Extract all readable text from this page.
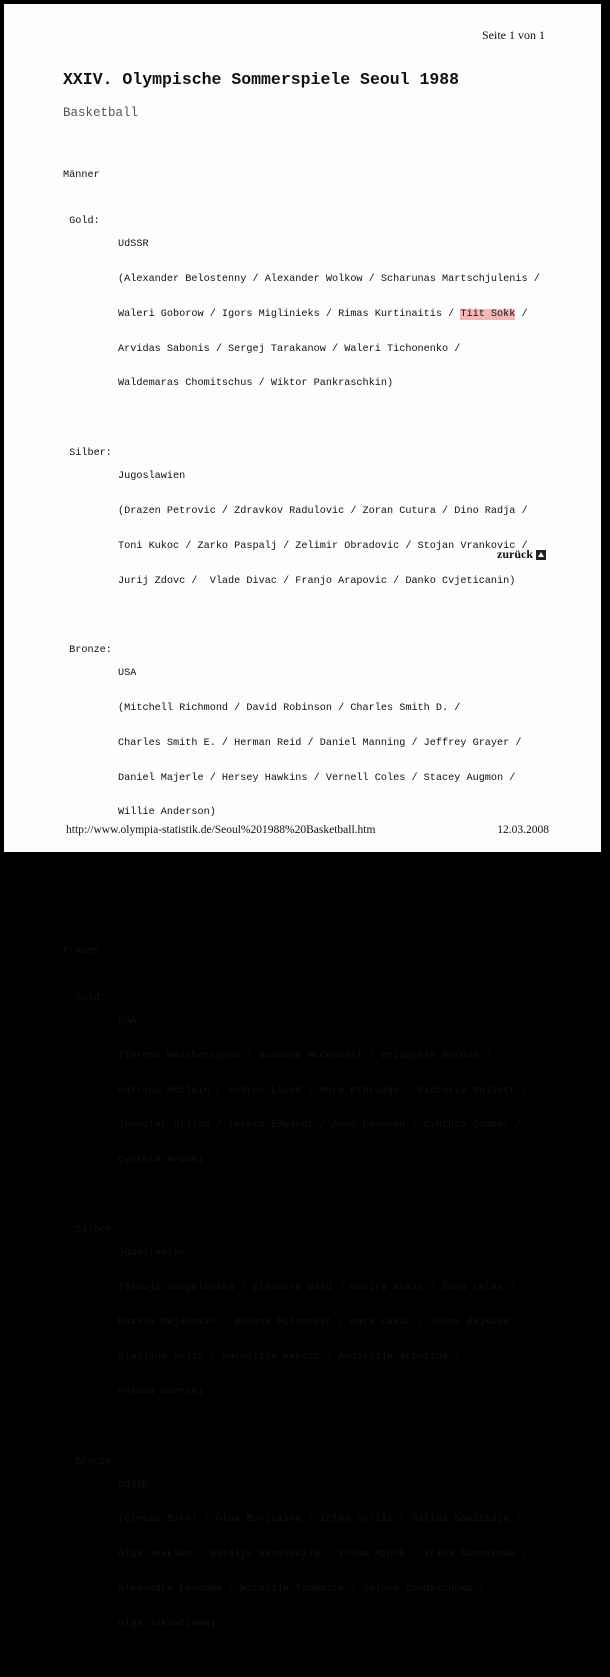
Seite 1 von 1
XXIV. Olympische Sommerspiele Seoul 1988
Basketball

Männer

Gold:

UdSSR

(Alexander Belostenny / Alexander Wolkow / Scharunas Martschjulenis /

Waleri Goborow / Igors Miglinieks / Rimas Kurtinaitis / Tiit Sokk /

Arvidas Sabonis / Sergej Tarakanow / Waleri Tichonenko /

Waldemaras Chomitschus / Wiktor Pankraschkin)

Silber:

Jugoslawien

(Drazen Petrovic / Zdravkov Radulovic / Zoran Cutura / Dino Radja /

Toni Kukoc / Zarko Paspalj / Zelimir Obradovic / Stojan Vrankovic /

Jurij Zdovc /  Vlade Divac / Franjo Arapovic / Danko Cvjeticanin)

Bronze:

USA

(Mitchell Richmond / David Robinson / Charles Smith D. /

Charles Smith E. / Herman Reid / Daniel Manning / Jeffrey Grayer /

Daniel Majerle / Hersey Hawkins / Vernell Coles / Stacey Augmon /

Willie Anderson)

Frauen

Gold:

USA

(Teresa Weatherspoon / Suzanne McConnell / Bridgette Gordon /

Katrina McClain / Andrea Lloyd / Mary Ethridge / Victoria Bullett /

Jennifer Gillom / Teresa Edwards / Anne Donovan / Cynthia Cooper /

Cynthia Brown)

Silber:

Jugoslawien

(Stonja Vangelovska / Eleonora Wild / Danira Nakic / Zana Lelas /

Razija Mujanovic / Bojana Milosevic / Mara Lakic / Vesna Bajkusa /

Sladjana Golic / Kornelija Kvesic / Andjelija Arbutina /

Polona Dornik)

Bronze:

UdSSR

(Olessa Barel / Olga Burjakina / Irina Gerliz / Galina Sawizkaja /

Olga Jewkowa / Natalja Sasulskaja / Irina Minch / Irina Sumnikowa /

Alexandra Leonowa / Witalija Tuomaite / Jelena Chudaschowa /

Olga Jakowljewa)

zurück
http://www.olympia-statistik.de/Seoul%201988%20Basketball.htm	12.03.2008
